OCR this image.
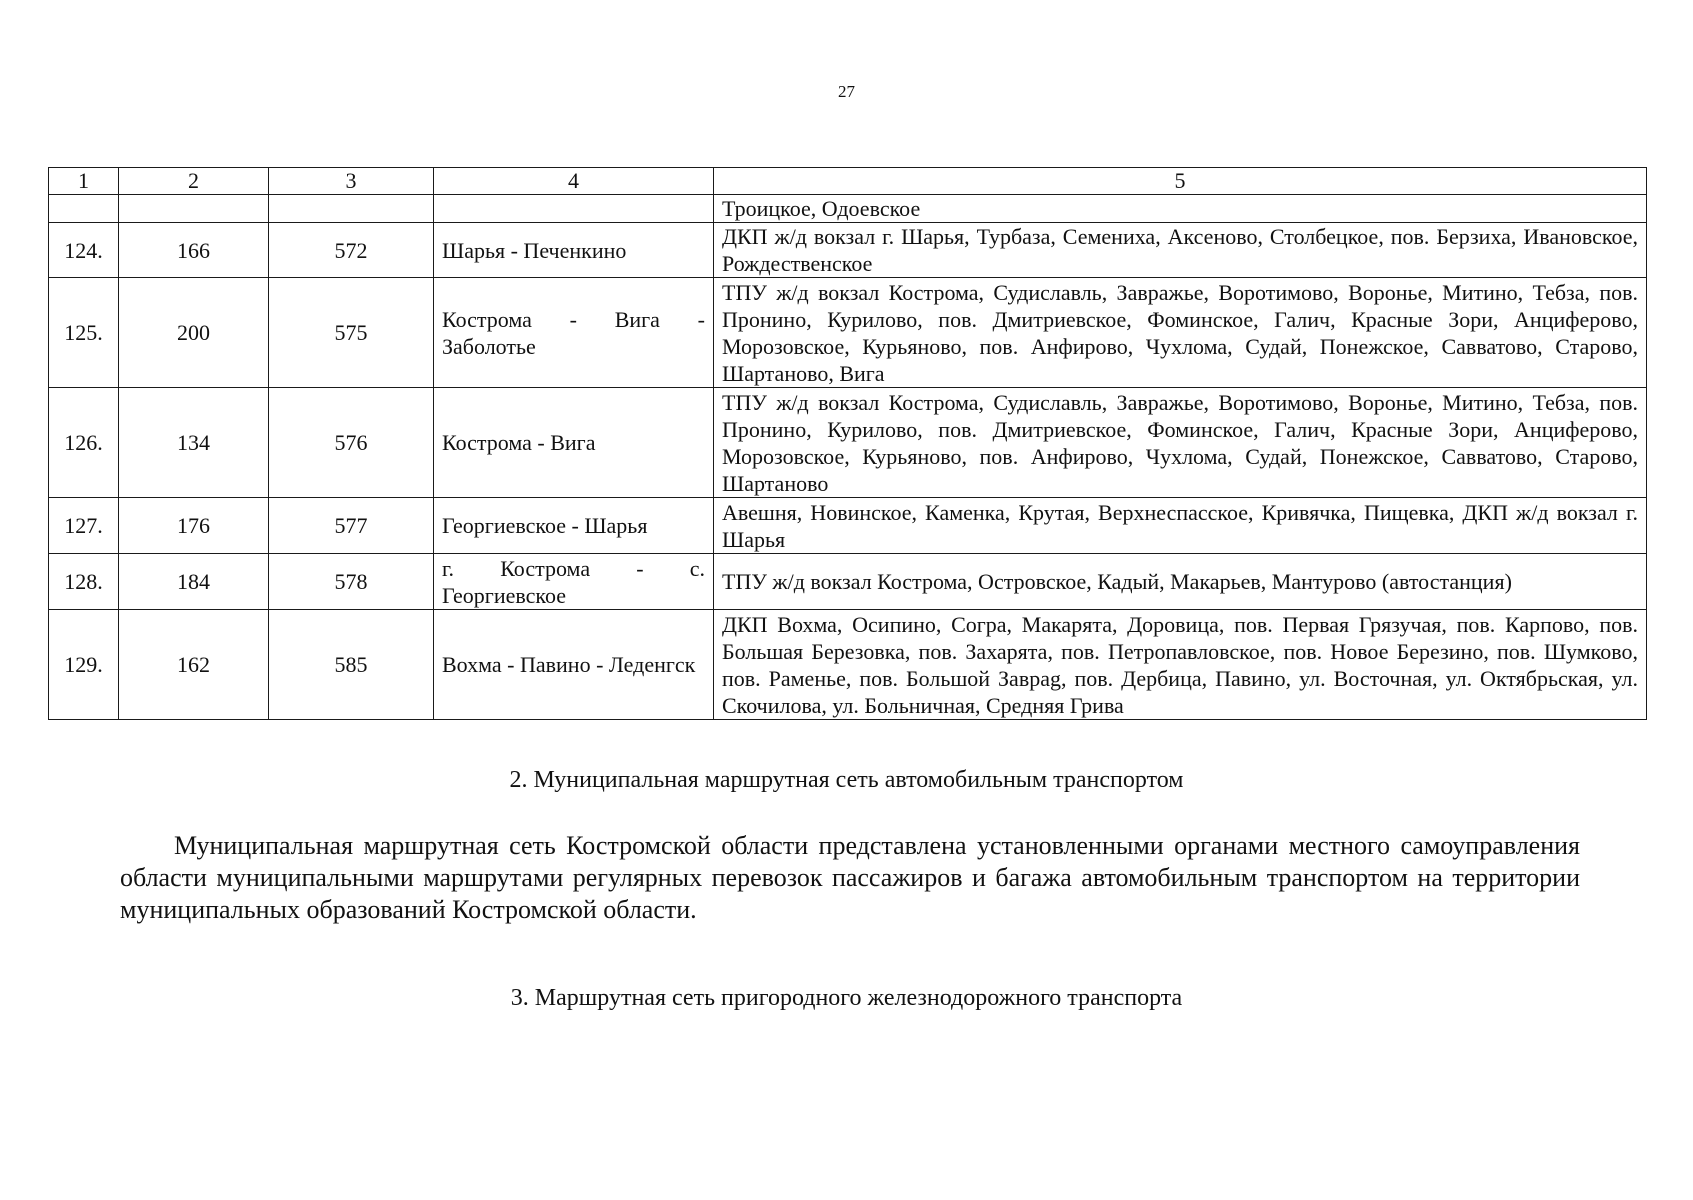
27
1	2	3	4	5
				Троицкое, Одоевское
124.	166	572	Шарья - Печенкино	ДКП ж/д вокзал г. Шарья, Турбаза, Семениха, Аксеново, Столбецкое, пов. Берзиха, Ивановское, Рождественское
125.	200	575	Кострома - Вига - Заболотье	ТПУ ж/д вокзал Кострома, Судиславль, Завражье, Воротимово, Воронье, Митино, Тебза, пов. Пронино, Курилово, пов. Дмитриевское, Фоминское, Галич, Красные Зори, Анциферово, Морозовское, Курьяново, пов. Анфирово, Чухлома, Судай, Понежское, Савватово, Старово, Шартаново, Вига
126.	134	576	Кострома - Вига	ТПУ ж/д вокзал Кострома, Судиславль, Завражье, Воротимово, Воронье, Митино, Тебза, пов. Пронино, Курилово, пов. Дмитриевское, Фоминское, Галич, Красные Зори, Анциферово, Морозовское, Курьяново, пов. Анфирово, Чухлома, Судай, Понежское, Савватово, Старово, Шартаново
127.	176	577	Георгиевское - Шарья	Авешня, Новинское, Каменка, Крутая, Верхнеспасское, Кривячка, Пищевка, ДКП ж/д вокзал г. Шарья
128.	184	578	г. Кострома - с. Георгиевское	ТПУ ж/д вокзал Кострома, Островское, Кадый, Макарьев, Мантурово (автостанция)
129.	162	585	Вохма - Павино - Леденгск	ДКП Вохма, Осипино, Согра, Макарята, Доровица, пов. Первая Грязучая, пов. Карпово, пов. Большая Березовка, пов. Захарята, пов. Петропавловское, пов. Новое Березино, пов. Шумково, пов. Раменье, пов. Большой Заврag, пов. Дербица, Павино, ул. Восточная, ул. Октябрьская, ул. Скочилова, ул. Больничная, Средняя Грива
2. Муниципальная маршрутная сеть автомобильным транспортом
Муниципальная маршрутная сеть Костромской области представлена установленными органами местного самоуправления области муниципальными маршрутами регулярных перевозок пассажиров и багажа автомобильным транспортом на территории муниципальных образований Костромской области.
3. Маршрутная сеть пригородного железнодорожного транспорта
